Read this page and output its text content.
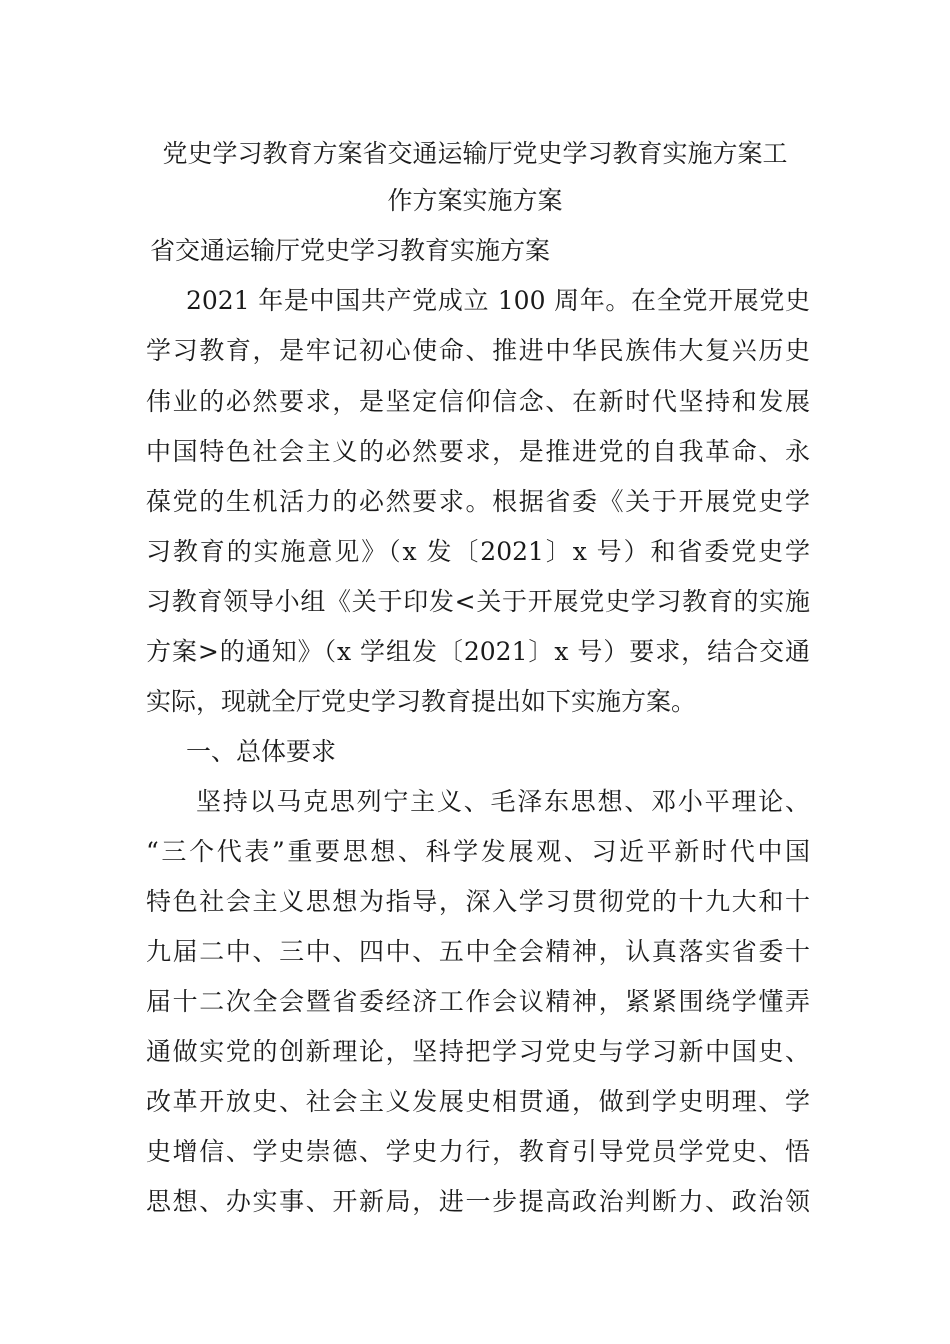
党史学习教育方案省交通运输厅党史学习教育实施方案工
作方案实施方案
省交通运输厅党史学习教育实施方案
2021 年是中国共产党成立 100 周年。在全党开展党史
学习教育，是牢记初心使命、推进中华民族伟大复兴历史
伟业的必然要求，是坚定信仰信念、在新时代坚持和发展
中国特色社会主义的必然要求，是推进党的自我革命、永
葆党的生机活力的必然要求。根据省委《关于开展党史学
习教育的实施意见》（x 发〔2021〕x 号）和省委党史学
习教育领导小组《关于印发<关于开展党史学习教育的实施
方案>的通知》（x 学组发〔2021〕x 号）要求，结合交通
实际，现就全厅党史学习教育提出如下实施方案。
一、总体要求
坚持以马克思列宁主义、毛泽东思想、邓小平理论、
“三个代表”重要思想、科学发展观、习近平新时代中国
特色社会主义思想为指导，深入学习贯彻党的十九大和十
九届二中、三中、四中、五中全会精神，认真落实省委十
届十二次全会暨省委经济工作会议精神，紧紧围绕学懂弄
通做实党的创新理论，坚持把学习党史与学习新中国史、
改革开放史、社会主义发展史相贯通，做到学史明理、学
史增信、学史崇德、学史力行，教育引导党员学党史、悟
思想、办实事、开新局，进一步提高政治判断力、政治领
